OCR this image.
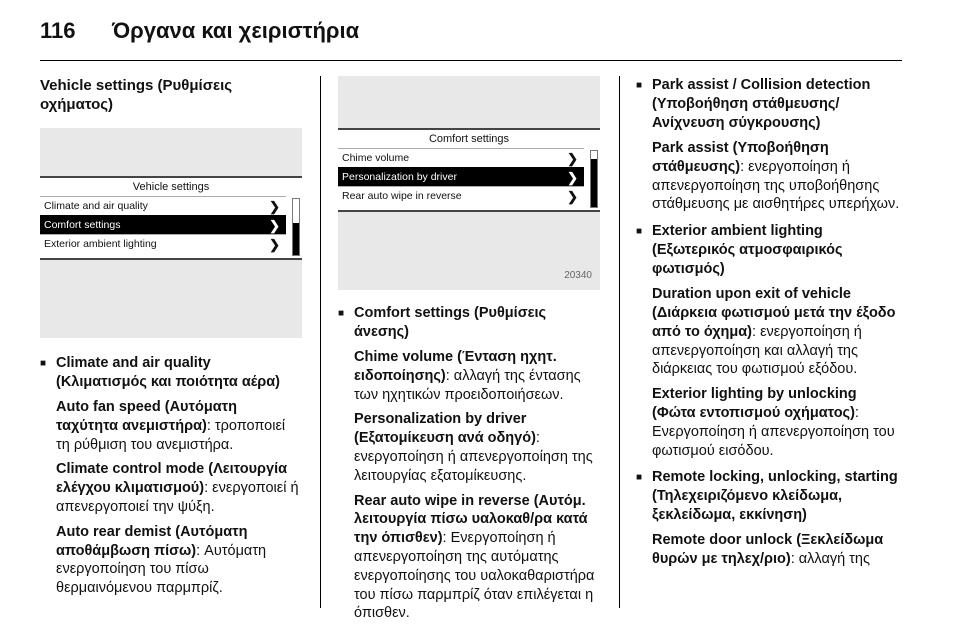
116	Όργανα και χειριστήρια
Vehicle settings (Ρυθμίσεις οχήματος)
Vehicle settings
Climate and air quality	❯
Comfort settings	❯
Exterior ambient lighting	❯
■ Climate and air quality (Κλιματισμός και ποιότητα αέρα)
Auto fan speed (Αυτόματη ταχύτητα ανεμιστήρα): τροποποιεί τη ρύθμιση του ανεμιστήρα.
Climate control mode (Λειτουργία ελέγχου κλιματισμού): ενεργοποιεί ή απενεργοποιεί την ψύξη.
Auto rear demist (Αυτόματη αποθάμβωση πίσω): Αυτόματη ενεργοποίηση του πίσω θερμαινόμενου παρμπρίζ.
Comfort settings
Chime volume	❯
Personalization by driver	❯
Rear auto wipe in reverse	❯
20340
■ Comfort settings (Ρυθμίσεις άνεσης)
Chime volume (Ένταση ηχητ. ειδοποίησης): αλλαγή της έντασης των ηχητικών προειδοποιήσεων.
Personalization by driver (Εξατομίκευση ανά οδηγό): ενεργοποίηση ή απενεργοποίηση της λειτουργίας εξατομίκευσης.
Rear auto wipe in reverse (Αυτόμ. λειτουργία πίσω υαλοκαθ/ρα κατά την όπισθεν): Ενεργοποίηση ή απενεργοποίηση της αυτόματης ενεργοποίησης του υαλοκαθαριστήρα του πίσω παρμπρίζ όταν επιλέγεται η όπισθεν.
■ Park assist / Collision detection (Υποβοήθηση στάθμευσης/ Ανίχνευση σύγκρουσης)
Park assist (Υποβοήθηση στάθμευσης): ενεργοποίηση ή απενεργοποίηση της υποβοήθησης στάθμευσης με αισθητήρες υπερήχων.
■ Exterior ambient lighting (Εξωτερικός ατμοσφαιρικός φωτισμός)
Duration upon exit of vehicle (Διάρκεια φωτισμού μετά την έξοδο από το όχημα): ενεργοποίηση ή απενεργοποίηση και αλλαγή της διάρκειας του φωτισμού εξόδου.
Exterior lighting by unlocking (Φώτα εντοπισμού οχήματος): Ενεργοποίηση ή απενεργοποίηση του φωτισμού εισόδου.
■ Remote locking, unlocking, starting (Τηλεχειριζόμενο κλείδωμα, ξεκλείδωμα, εκκίνηση)
Remote door unlock (Ξεκλείδωμα θυρών με τηλεχ/ριο): αλλαγή της
